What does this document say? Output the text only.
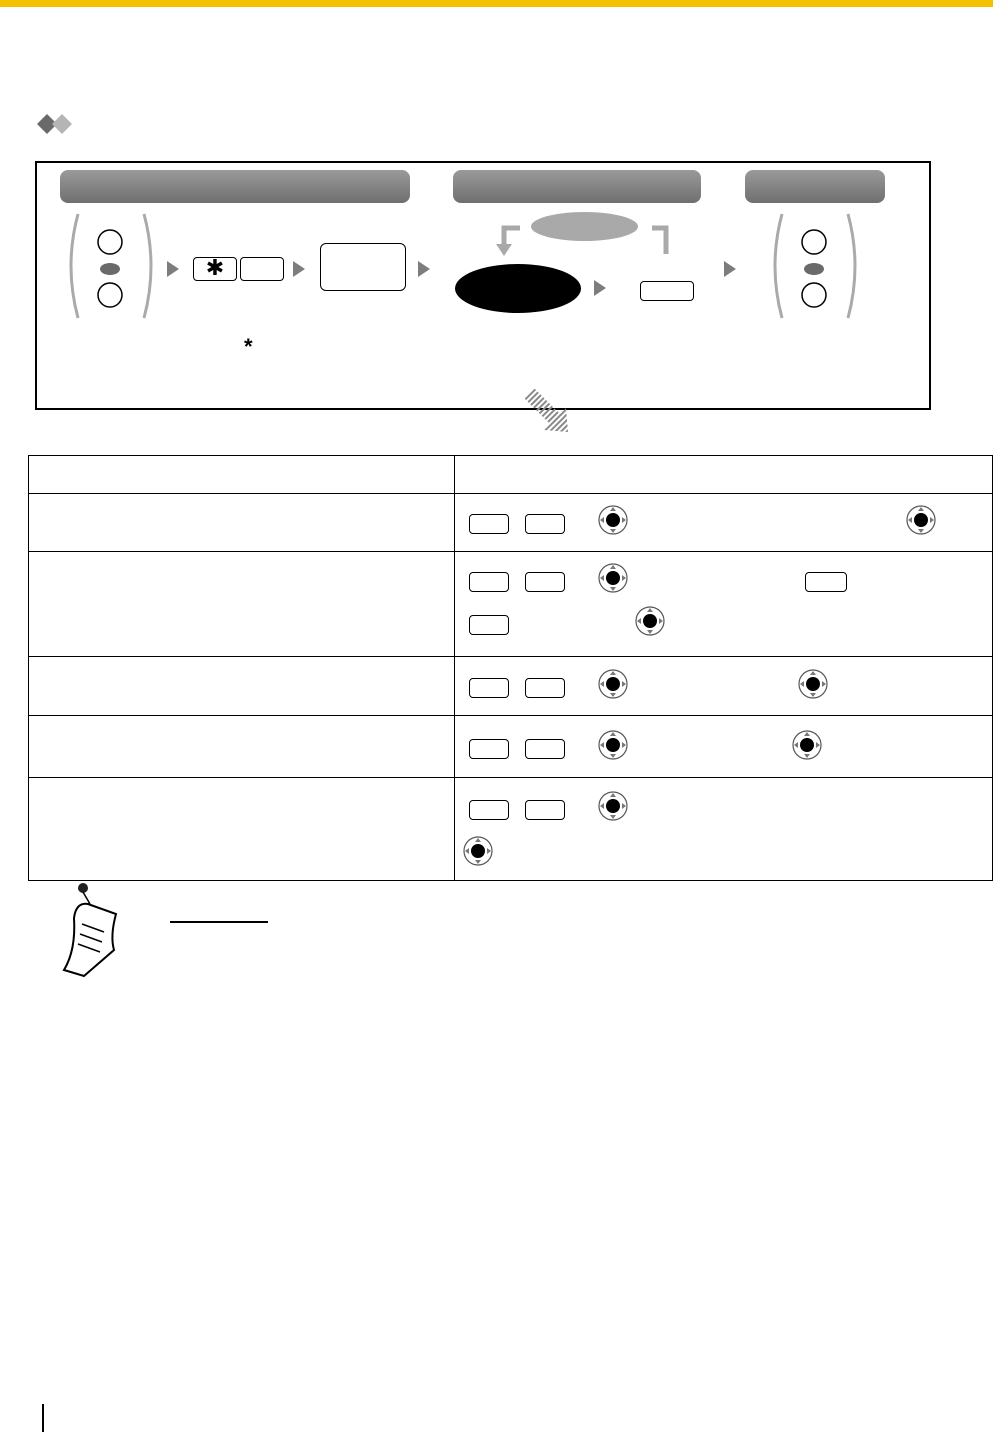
✱
*
